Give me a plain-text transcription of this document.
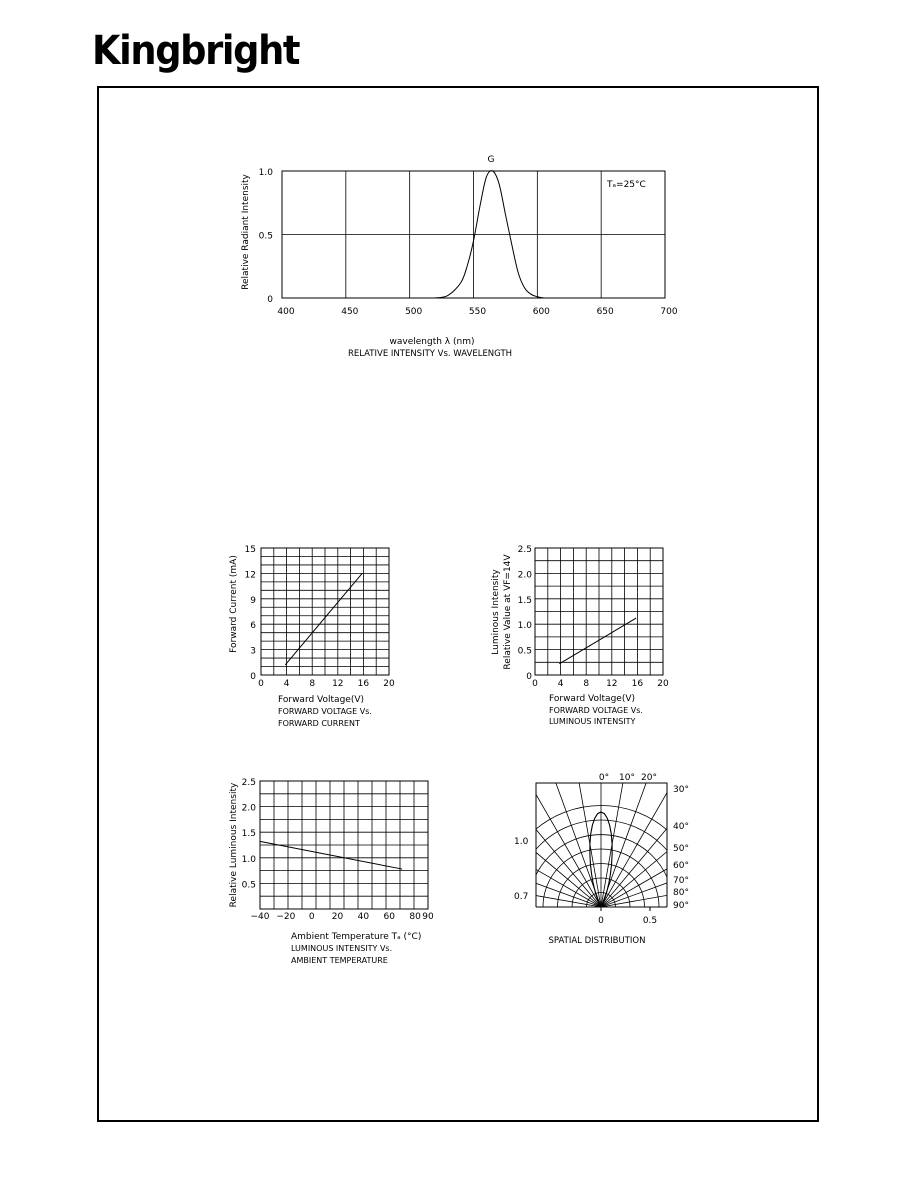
Kingbright
400	450	500	550	600	650	700
0
0.5
1.0
G
Tₐ=25°C
Relative Radiant Intensity
wavelength λ (nm)
RELATIVE INTENSITY Vs. WAVELENGTH
0 4 8 12 16 20
0
3
6
9
12
15
Forward Current (mA)
Forward Voltage(V)
FORWARD VOLTAGE Vs.
FORWARD CURRENT
0 4 8 12 16 20
0
0.5
1.0
1.5
2.0
2.5
Luminous Intensity Relative Value at VF=14V
Forward Voltage(V)
FORWARD VOLTAGE Vs.
LUMINOUS INTENSITY
−40 −20 0 20 40 60 80 90
0.5
1.0
1.5
2.0
2.5
Relative Luminous Intensity
Ambient Temperature Tₐ (°C)
LUMINOUS INTENSITY Vs.
AMBIENT TEMPERATURE
0° 10° 20°
30°
40°
50°
60°
70°
80°
90°
1.0
0.7
0	0.5
SPATIAL DISTRIBUTION
